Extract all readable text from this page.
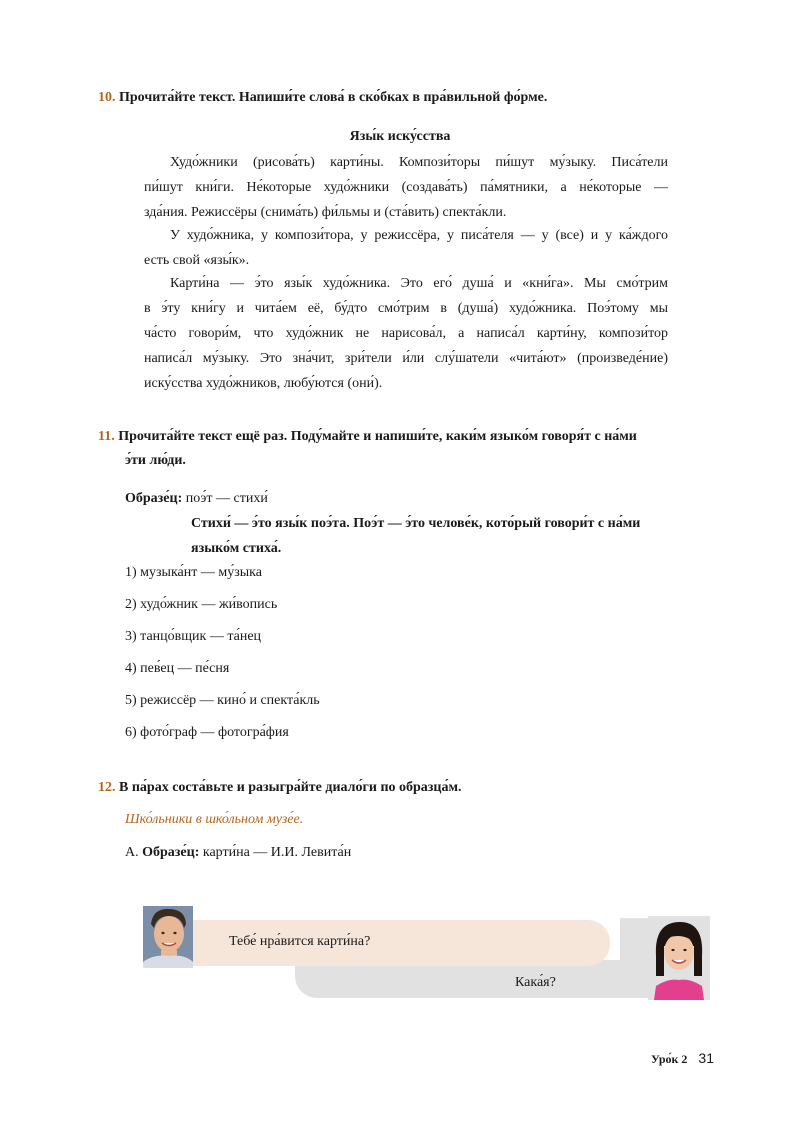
10. Прочита́йте текст. Напиши́те слова́ в ско́бках в пра́вильной фо́рме.
Язы́к иску́сства
Худо́жники (рисова́ть) карти́ны. Компози́торы пи́шут му́зыку. Писа́тели
пи́шут кни́ги. Не́которые худо́жники (создава́ть) па́мятники, а не́которые —
зда́ния. Режиссёры (снима́ть) фи́льмы и (ста́вить) спекта́кли.
У худо́жника, у компози́тора, у режиссёра, у писа́теля — у (все) и у ка́ждого
есть свой «язы́к».
Карти́на — э́то язы́к худо́жника. Это его́ душа́ и «кни́га». Мы смо́трим
в э́ту кни́гу и чита́ем её, бу́дто смо́трим в (душа́) худо́жника. Поэ́тому мы
ча́сто говори́м, что худо́жник не нарисова́л, а написа́л карти́ну, компози́тор
написа́л му́зыку. Это зна́чит, зри́тели и́ли слу́шатели «чита́ют» (произведе́ние)
иску́сства худо́жников, любу́ются (они́).
11. Прочита́йте текст ещё раз. Поду́майте и напиши́те, каки́м языко́м говоря́т с на́ми
э́ти лю́ди.
Образе́ц: поэ́т — стихи́
Стихи́ — э́то язы́к поэ́та. Поэ́т — э́то челове́к, кото́рый говори́т с на́ми
языко́м стиха́.
1) музыка́нт — му́зыка
2) худо́жник — жи́вопись
3) танцо́вщик — та́нец
4) пев́ец — пе́сня
5) режиссёр — кино́ и спекта́кль
6) фото́граф — фотогра́фия
12. В па́рах соста́вьте и разыгра́йте диало́ги по образца́м.
Шко́льники в шко́льном музе́е.
А. Образе́ц: карти́на — И.И. Левита́н
Тебе́ нра́вится карти́на?
Кака́я?
Уро́к 2 31
